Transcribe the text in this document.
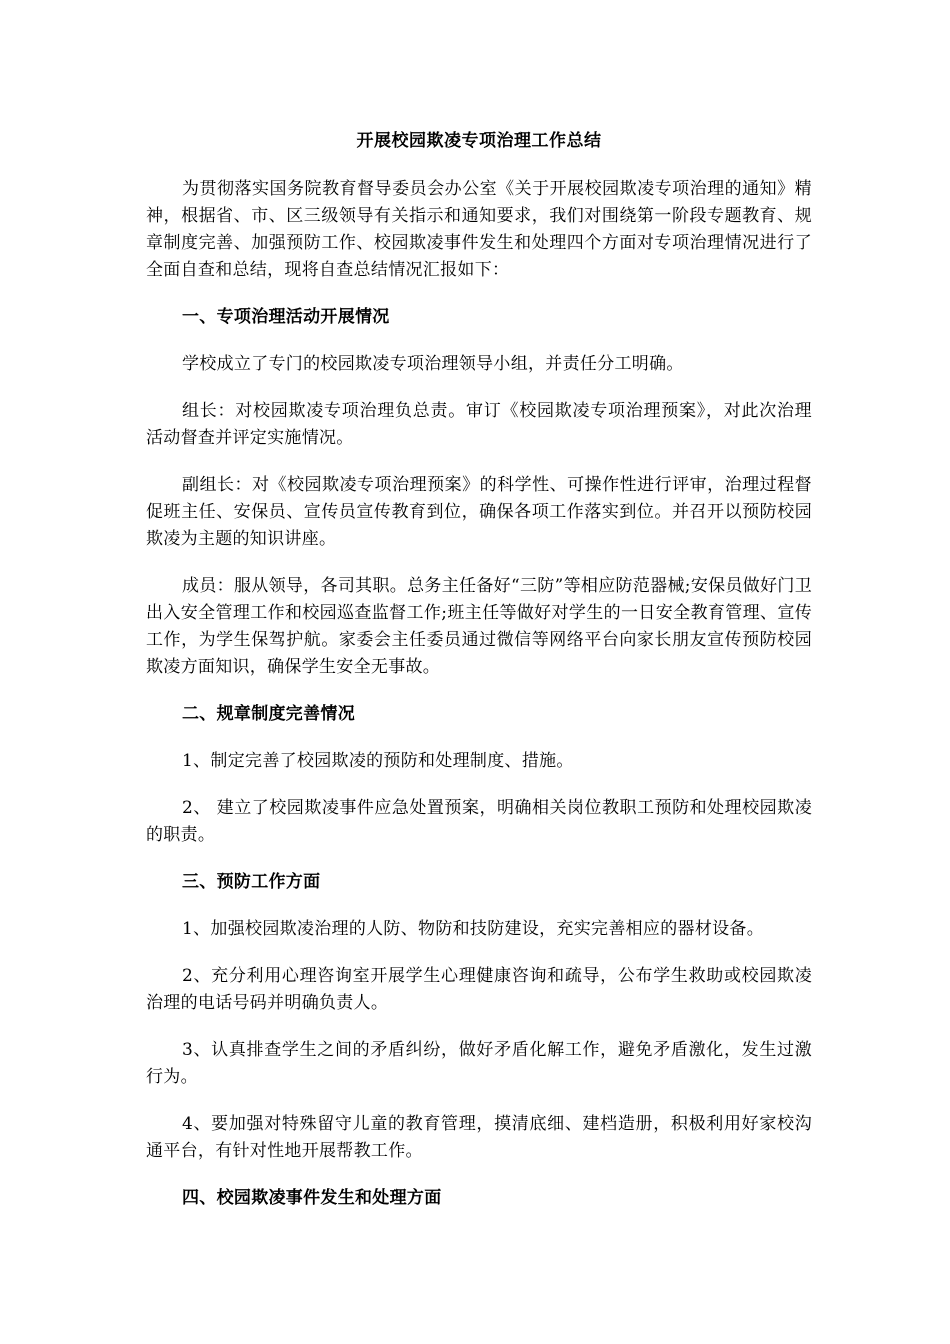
开展校园欺凌专项治理工作总结

为贯彻落实国务院教育督导委员会办公室《关于开展校园欺凌专项治理的通知》精神，根据省、市、区三级领导有关指示和通知要求，我们对围绕第一阶段专题教育、规章制度完善、加强预防工作、校园欺凌事件发生和处理四个方面对专项治理情况进行了全面自查和总结，现将自查总结情况汇报如下：

一、专项治理活动开展情况

学校成立了专门的校园欺凌专项治理领导小组，并责任分工明确。

组长：对校园欺凌专项治理负总责。审订《校园欺凌专项治理预案》，对此次治理活动督查并评定实施情况。

副组长：对《校园欺凌专项治理预案》的科学性、可操作性进行评审，治理过程督促班主任、安保员、宣传员宣传教育到位，确保各项工作落实到位。并召开以预防校园欺凌为主题的知识讲座。

成员：服从领导，各司其职。总务主任备好“三防”等相应防范器械;安保员做好门卫出入安全管理工作和校园巡查监督工作;班主任等做好对学生的一日安全教育管理、宣传工作，为学生保驾护航。家委会主任委员通过微信等网络平台向家长朋友宣传预防校园欺凌方面知识，确保学生安全无事故。

二、规章制度完善情况

1、制定完善了校园欺凌的预防和处理制度、措施。

2、 建立了校园欺凌事件应急处置预案，明确相关岗位教职工预防和处理校园欺凌的职责。

三、预防工作方面

1、加强校园欺凌治理的人防、物防和技防建设，充实完善相应的器材设备。

2、充分利用心理咨询室开展学生心理健康咨询和疏导，公布学生救助或校园欺凌治理的电话号码并明确负责人。

3、认真排查学生之间的矛盾纠纷，做好矛盾化解工作，避免矛盾激化，发生过激行为。

4、要加强对特殊留守儿童的教育管理，摸清底细、建档造册，积极利用好家校沟通平台，有针对性地开展帮教工作。

四、校园欺凌事件发生和处理方面
